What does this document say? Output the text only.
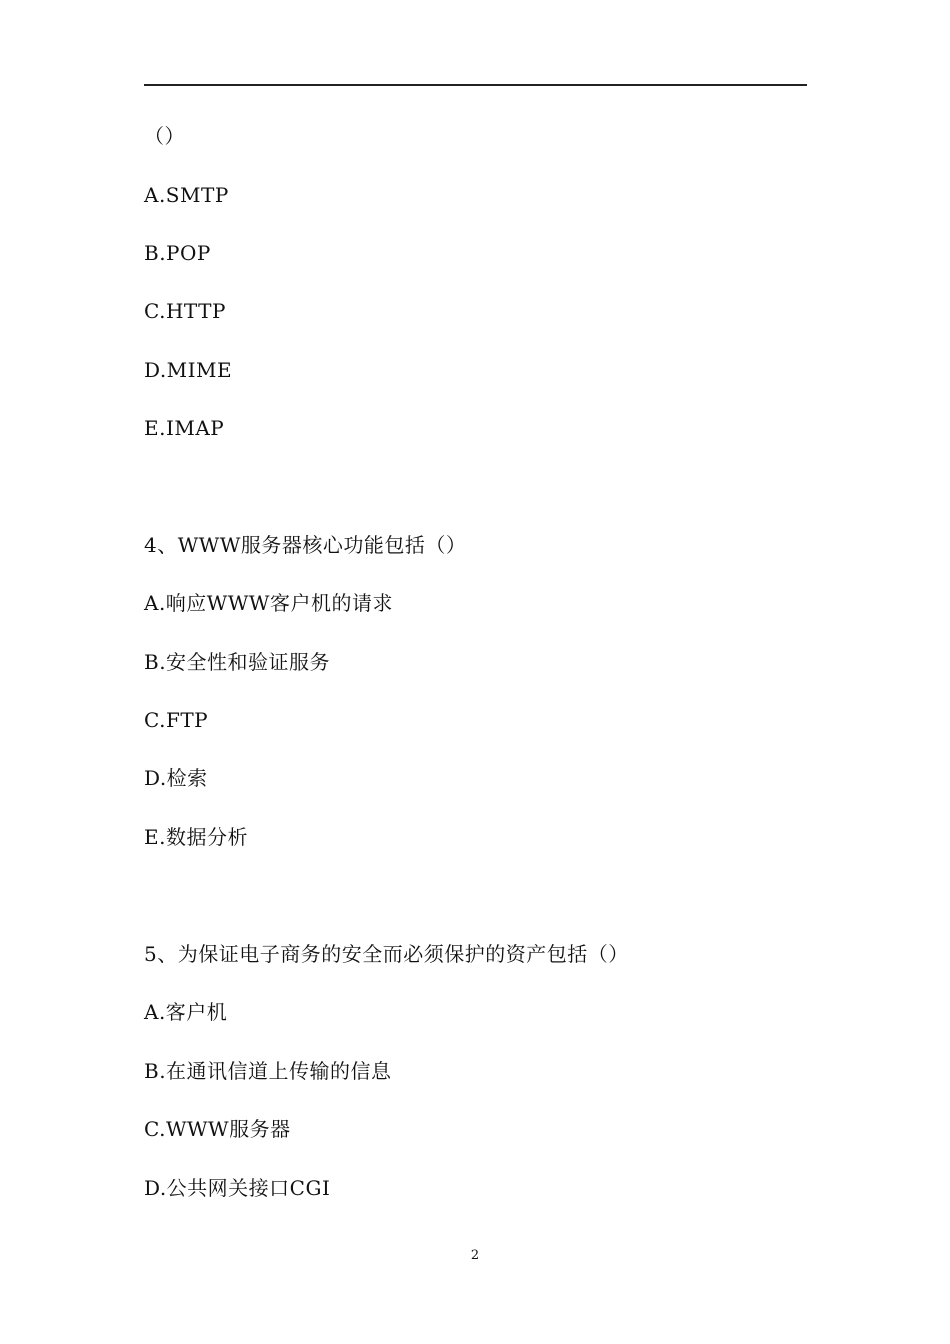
（）

A.SMTP

B.POP

C.HTTP

D.MIME

E.IMAP

4、WWW服务器核心功能包括（）

A.响应WWW客户机的请求

B.安全性和验证服务

C.FTP

D.检索

E.数据分析

5、为保证电子商务的安全而必须保护的资产包括（）

A.客户机

B.在通讯信道上传输的信息

C.WWW服务器

D.公共网关接口CGI

2
